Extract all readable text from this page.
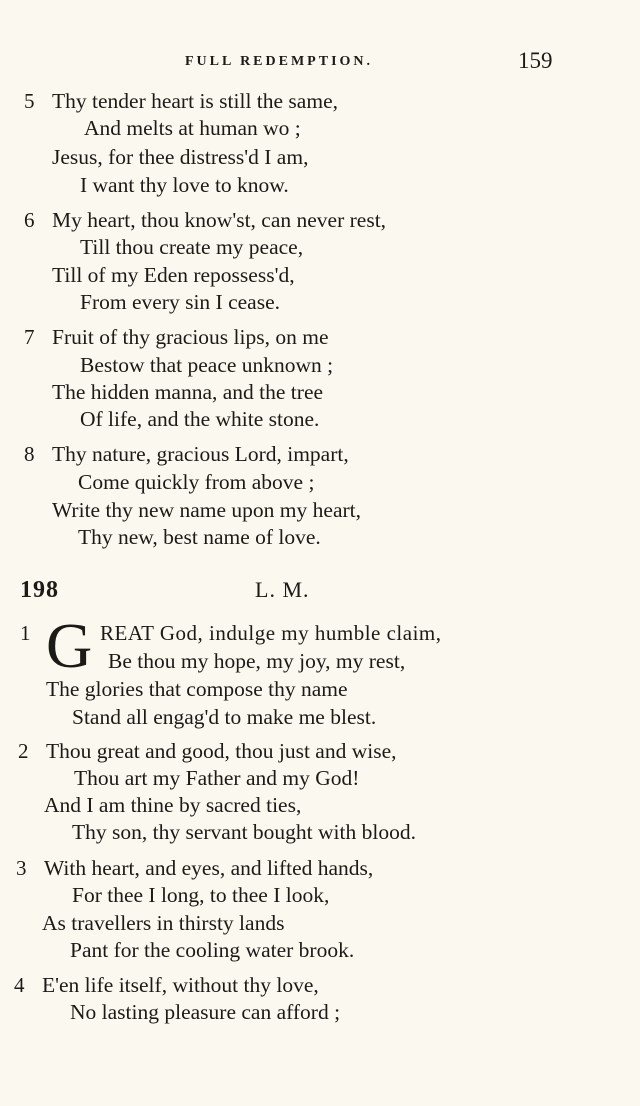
FULL REDEMPTION.	159
5 Thy tender heart is still the same,
And melts at human wo ;
Jesus, for thee distress'd I am,
I want thy love to know.
6 My heart, thou know'st, can never rest,
Till thou create my peace,
Till of my Eden repossess'd,
From every sin I cease.
7 Fruit of thy gracious lips, on me
Bestow that peace unknown ;
The hidden manna, and the tree
Of life, and the white stone.
8 Thy nature, gracious Lord, impart,
Come quickly from above ;
Write thy new name upon my heart,
Thy new, best name of love.
198	L. M.
1	REAT God, indulge my humble claim,
Be thou my hope, my joy, my rest,
The glories that compose thy name
Stand all engag'd to make me blest.
G
2 Thou great and good, thou just and wise,
Thou art my Father and my God!
And I am thine by sacred ties,
Thy son, thy servant bought with blood.
3 With heart, and eyes, and lifted hands,
For thee I long, to thee I look,
As travellers in thirsty lands
Pant for the cooling water brook.
4 E'en life itself, without thy love,
No lasting pleasure can afford ;
